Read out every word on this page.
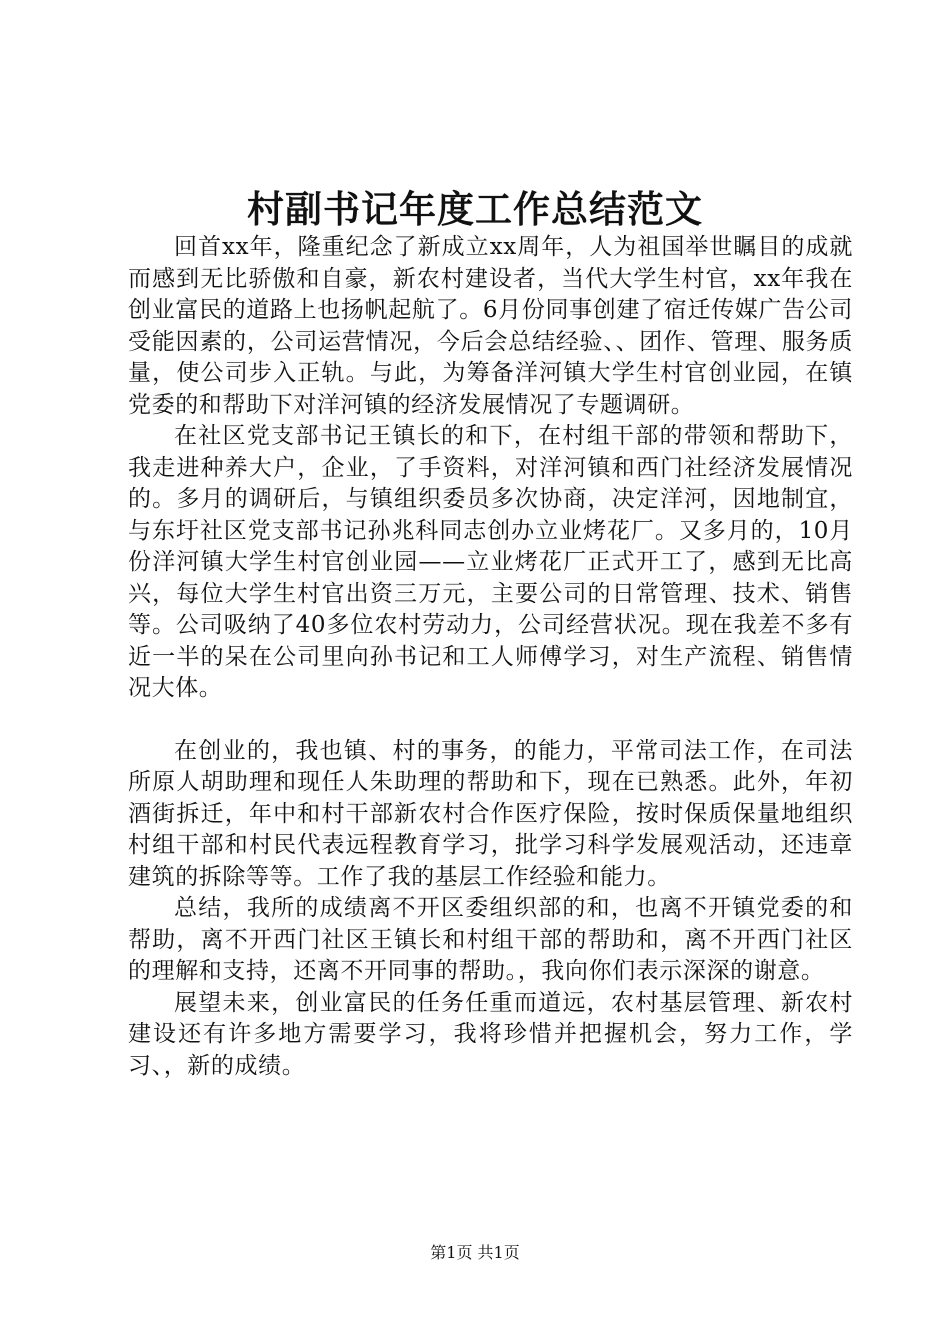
村副书记年度工作总结范文

回首xx年，隆重纪念了新成立xx周年，人为祖国举世瞩目的成就而感到无比骄傲和自豪，新农村建设者，当代大学生村官，xx年我在创业富民的道路上也扬帆起航了。6月份同事创建了宿迁传媒广告公司受能因素的，公司运营情况，今后会总结经验、、团作、管理、服务质量，使公司步入正轨。与此，为筹备洋河镇大学生村官创业园，在镇党委的和帮助下对洋河镇的经济发展情况了专题调研。

在社区党支部书记王镇长的和下，在村组干部的带领和帮助下，我走进种养大户，企业，了手资料，对洋河镇和西门社经济发展情况的。多月的调研后，与镇组织委员多次协商，决定洋河，因地制宜，与东圩社区党支部书记孙兆科同志创办立业烤花厂。又多月的，10月份洋河镇大学生村官创业园——立业烤花厂正式开工了，感到无比高兴，每位大学生村官出资三万元，主要公司的日常管理、技术、销售等。公司吸纳了40多位农村劳动力，公司经营状况。现在我差不多有近一半的呆在公司里向孙书记和工人师傅学习，对生产流程、销售情况大体。

在创业的，我也镇、村的事务，的能力，平常司法工作，在司法所原人胡助理和现任人朱助理的帮助和下，现在已熟悉。此外，年初酒街拆迁，年中和村干部新农村合作医疗保险，按时保质保量地组织村组干部和村民代表远程教育学习，批学习科学发展观活动，还违章建筑的拆除等等。工作了我的基层工作经验和能力。

总结，我所的成绩离不开区委组织部的和，也离不开镇党委的和帮助，离不开西门社区王镇长和村组干部的帮助和，离不开西门社区的理解和支持，还离不开同事的帮助。，我向你们表示深深的谢意。

展望未来，创业富民的任务任重而道远，农村基层管理、新农村建设还有许多地方需要学习，我将珍惜并把握机会，努力工作，学习、，新的成绩。

第1页 共1页
